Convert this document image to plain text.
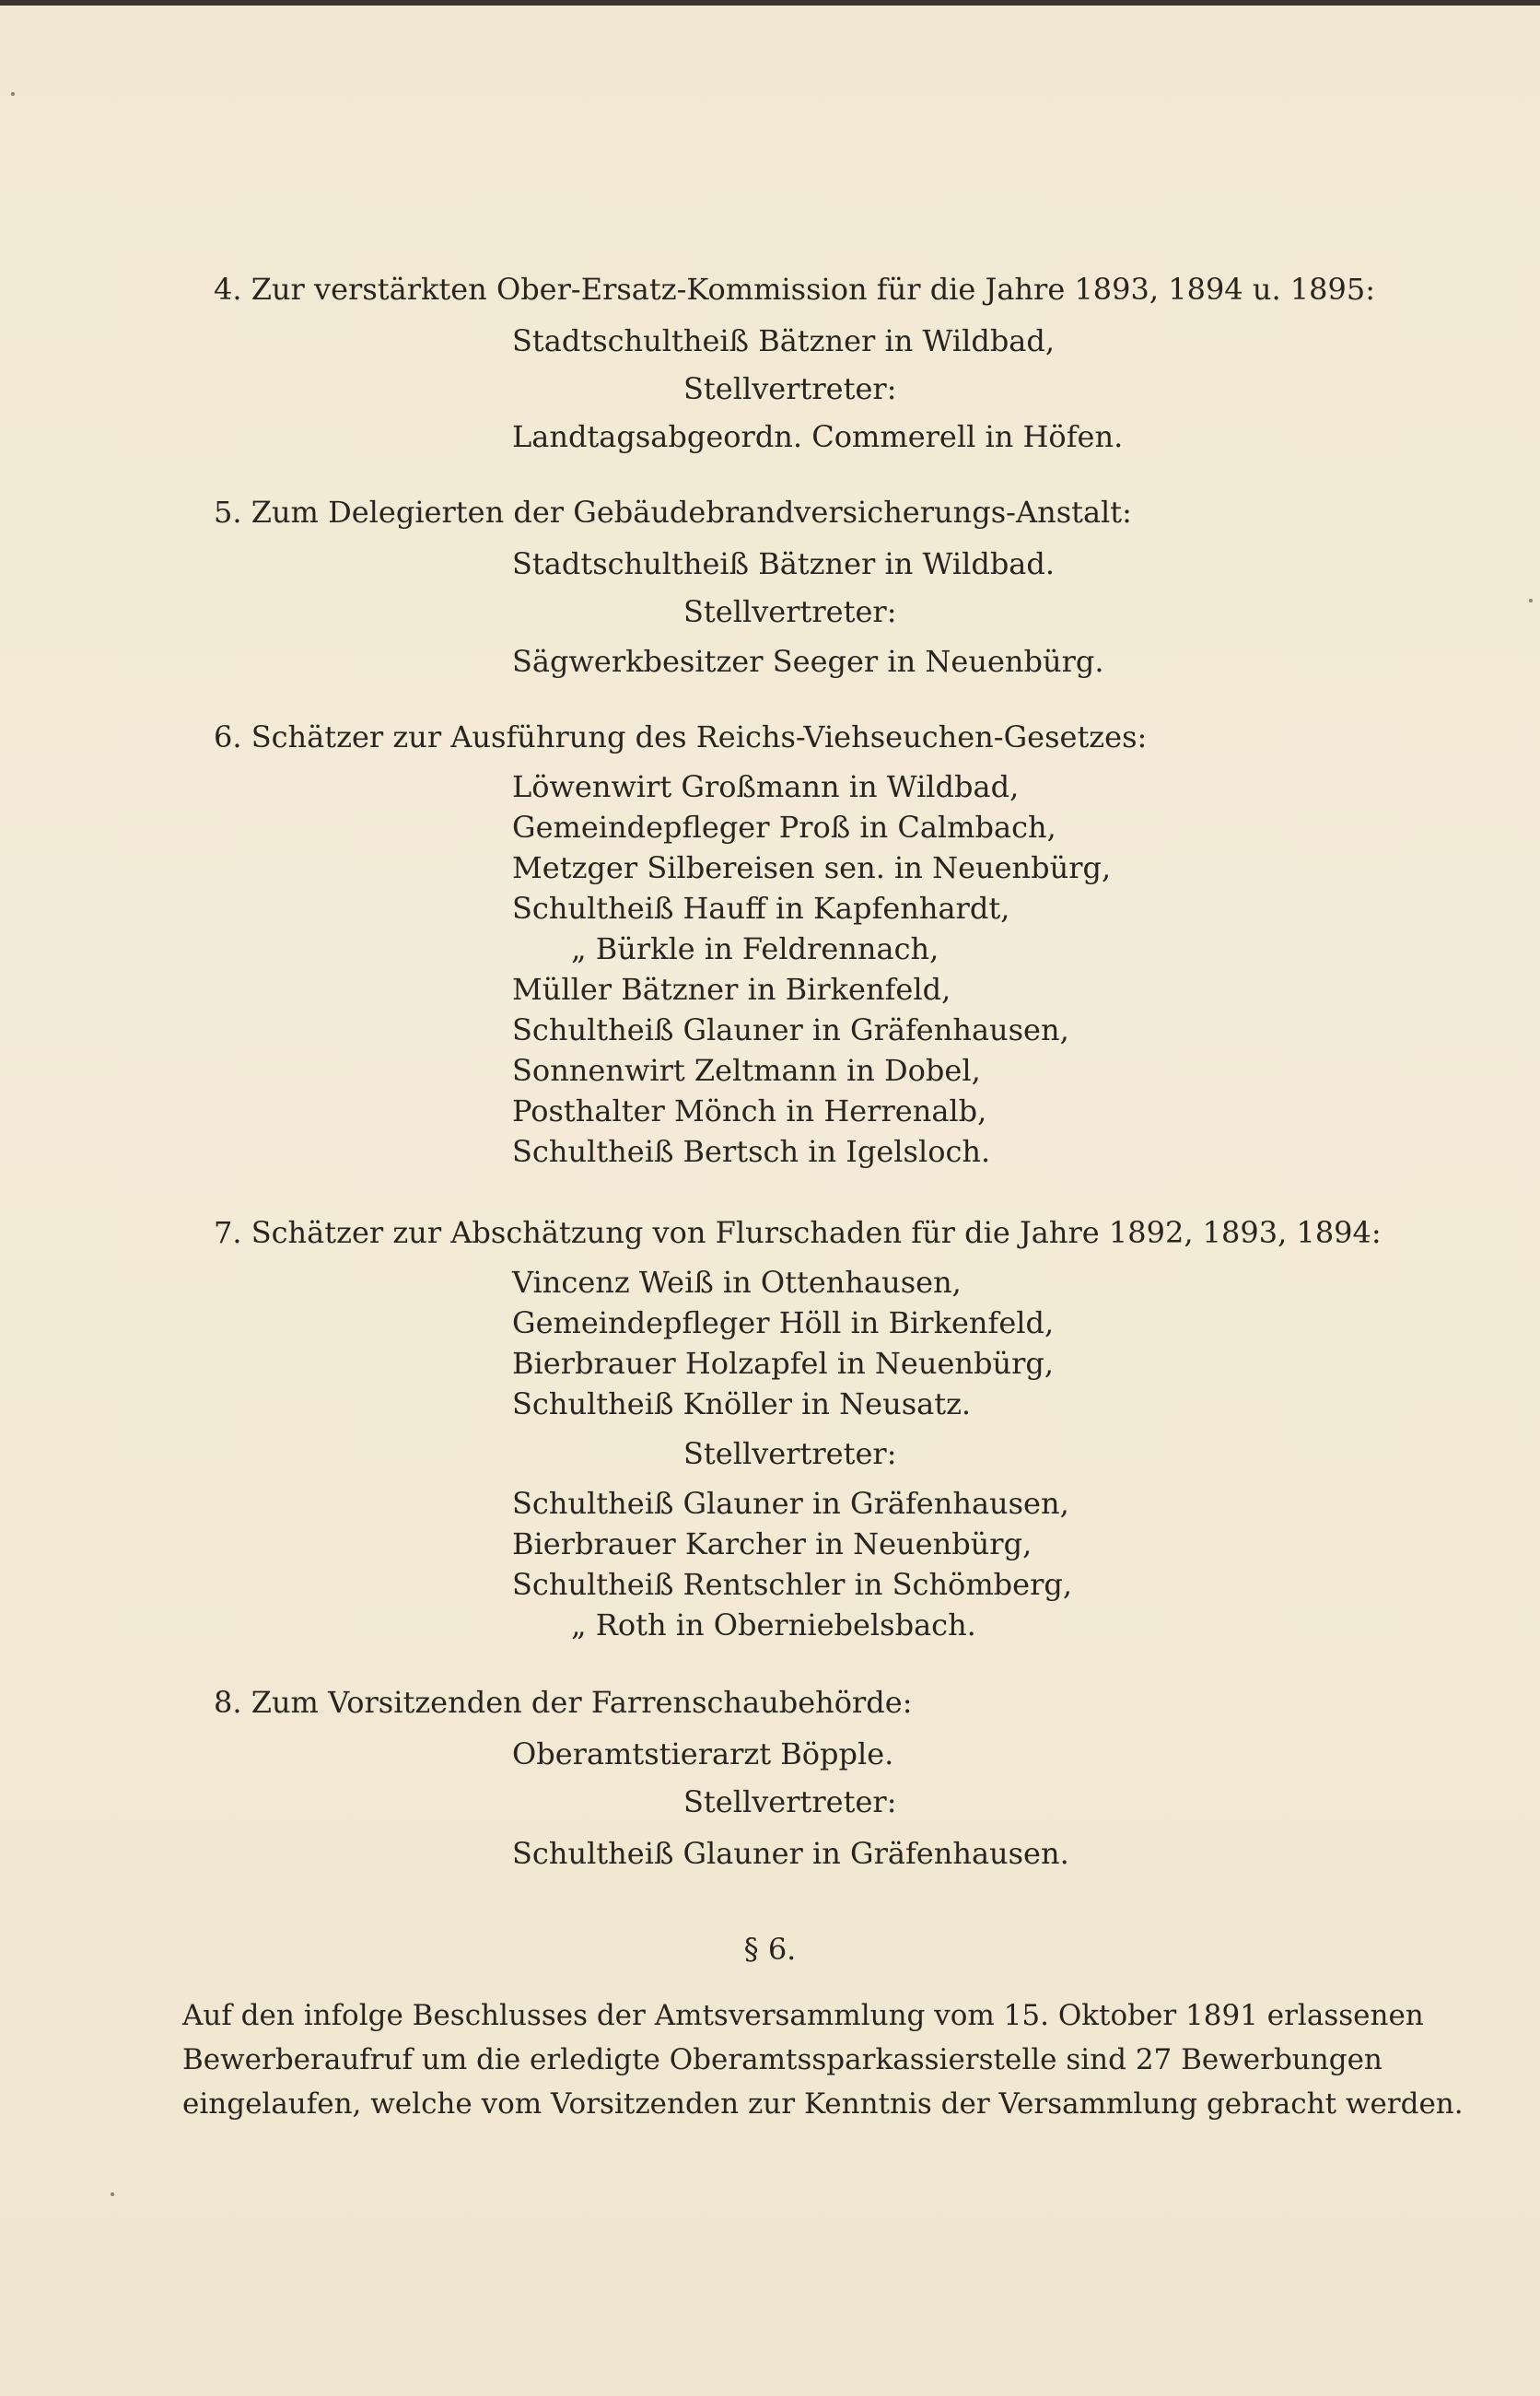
4. Zur verstärkten Ober-Ersatz-Kommission für die Jahre 1893, 1894 u. 1895:
Stadtschultheiß Bätzner in Wildbad,
Stellvertreter:
Landtagsabgeordn. Commerell in Höfen.
5. Zum Delegierten der Gebäudebrandversicherungs-Anstalt:
Stadtschultheiß Bätzner in Wildbad.
Stellvertreter:
Sägwerkbesitzer Seeger in Neuenbürg.
6. Schätzer zur Ausführung des Reichs-Viehseuchen-Gesetzes:
Löwenwirt Großmann in Wildbad,
Gemeindepfleger Proß in Calmbach,
Metzger Silbereisen sen. in Neuenbürg,
Schultheiß Hauff in Kapfenhardt,
„ Bürkle in Feldrennach,
Müller Bätzner in Birkenfeld,
Schultheiß Glauner in Gräfenhausen,
Sonnenwirt Zeltmann in Dobel,
Posthalter Mönch in Herrenalb,
Schultheiß Bertsch in Igelsloch.
7. Schätzer zur Abschätzung von Flurschaden für die Jahre 1892, 1893, 1894:
Vincenz Weiß in Ottenhausen,
Gemeindepfleger Höll in Birkenfeld,
Bierbrauer Holzapfel in Neuenbürg,
Schultheiß Knöller in Neusatz.
Stellvertreter:
Schultheiß Glauner in Gräfenhausen,
Bierbrauer Karcher in Neuenbürg,
Schultheiß Rentschler in Schömberg,
„ Roth in Oberniebelsbach.
8. Zum Vorsitzenden der Farrenschaubehörde:
Oberamtstierarzt Böpple.
Stellvertreter:
Schultheiß Glauner in Gräfenhausen.
§ 6.
Auf den infolge Beschlusses der Amtsversammlung vom 15. Oktober 1891 erlassenen
Bewerberaufruf um die erledigte Oberamtssparkassierstelle sind 27 Bewerbungen
eingelaufen, welche vom Vorsitzenden zur Kenntnis der Versammlung gebracht werden.
